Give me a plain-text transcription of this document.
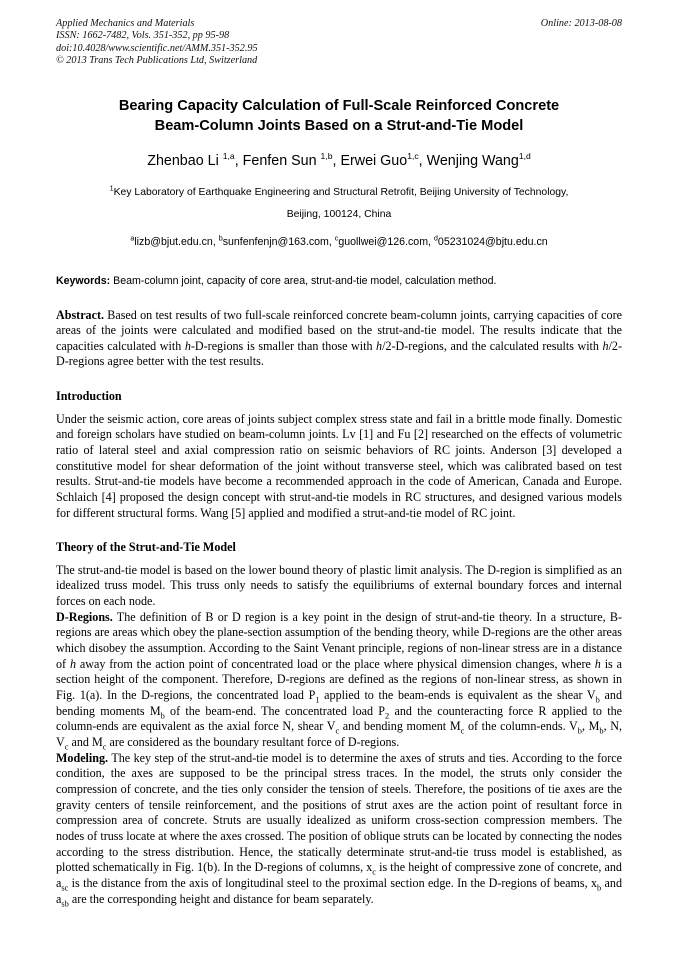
Online: 2013-08-08
Applied Mechanics and Materials
ISSN: 1662-7482, Vols. 351-352, pp 95-98
doi:10.4028/www.scientific.net/AMM.351-352.95
© 2013 Trans Tech Publications Ltd, Switzerland
Bearing Capacity Calculation of Full-Scale Reinforced Concrete
Beam-Column Joints Based on a Strut-and-Tie Model
Zhenbao Li $^{1,a}$, Fenfen Sun $^{1,b}$, Erwei Guo$^{1,c}$, Wenjing Wang$^{1,d}$
$^1$Key Laboratory of Earthquake Engineering and Structural Retrofit, Beijing University of Technology,
Beijing, 100124, China
$^a$lizb@bjut.edu.cn, $^b$sunfenfenjn@163.com, $^c$guollwei@126.com, $^d$05231024@bjtu.edu.cn
Keywords: Beam-column joint, capacity of core area, strut-and-tie model, calculation method.
Abstract. Based on test results of two full-scale reinforced concrete beam-column joints, carrying capacities of core areas of the joints were calculated and modified based on the strut-and-tie model. The results indicate that the capacities calculated with h-D-regions is smaller than those with h/2-D-regions, and the calculated results with h/2-D-regions agree better with the test results.
Introduction
Under the seismic action, core areas of joints subject complex stress state and fail in a brittle mode finally. Domestic and foreign scholars have studied on beam-column joints. Lv [1] and Fu [2] researched on the effects of volumetric ratio of lateral steel and axial compression ratio on seismic behaviors of RC joints. Anderson [3] developed a constitutive model for shear deformation of the joint without transverse steel, which was calibrated based on test results. Strut-and-tie models have become a recommended approach in the code of American, Canada and Europe. Schlaich [4] proposed the design concept with strut-and-tie models in RC structures, and designed various models for different structural forms. Wang [5] applied and modified a strut-and-tie model of RC joint.
Theory of the Strut-and-Tie Model
The strut-and-tie model is based on the lower bound theory of plastic limit analysis. The D-region is simplified as an idealized truss model. This truss only needs to satisfy the equilibriums of external boundary forces and internal forces on each node.
D-Regions. The definition of B or D region is a key point in the design of strut-and-tie theory. In a structure, B-regions are areas which obey the plane-section assumption of the bending theory, while D-regions are the other areas which disobey the assumption. According to the Saint Venant principle, regions of non-linear stress are in a distance of h away from the action point of concentrated load or the place where physical dimension changes, where h is a section height of the component. Therefore, D-regions are defined as the regions of non-linear stress, as shown in Fig. 1(a). In the D-regions, the concentrated load $P_1$ applied to the beam-ends is equivalent as the shear $V_b$ and bending moments $M_b$ of the beam-end. The concentrated load $P_2$ and the counteracting force R applied to the column-ends are equivalent as the axial force N, shear $V_c$ and bending moment $M_c$ of the column-ends. $V_b$, $M_b$, N, $V_c$ and $M_c$ are considered as the boundary resultant force of D-regions.
Modeling. The key step of the strut-and-tie model is to determine the axes of struts and ties. According to the force condition, the axes are supposed to be the principal stress traces. In the model, the struts only consider the compression of concrete, and the ties only consider the tension of steels. Therefore, the positions of tie axes are the gravity centers of tensile reinforcement, and the positions of strut axes are the action point of resultant force in compression area of concrete. Struts are usually idealized as uniform cross-section compression members. The nodes of truss locate at where the axes crossed. The position of oblique struts can be located by connecting the nodes according to the stress distribution. Hence, the statically determinate strut-and-tie truss model is established, as plotted schematically in Fig. 1(b). In the D-regions of columns, $x_c$ is the height of compressive zone of concrete, and $a_{sc}$ is the distance from the axis of longitudinal steel to the proximal section edge. In the D-regions of beams, $x_b$ and $a_{sb}$ are the corresponding height and distance for beam separately.
